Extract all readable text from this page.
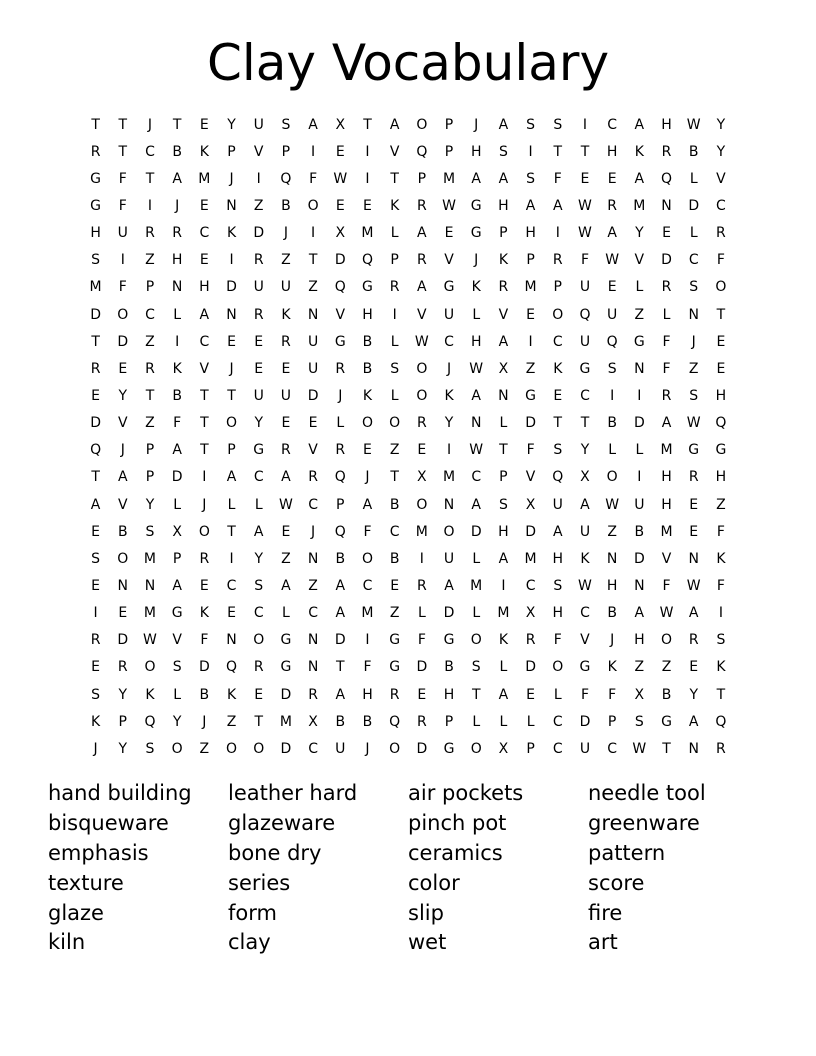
Clay Vocabulary
T	T	J	T	E	Y	U	S	A	X	T	A	O	P	J	A	S	S	I	C	A	H	W	Y
R	T	C	B	K	P	V	P	I	E	I	V	Q	P	H	S	I	T	T	H	K	R	B	Y
G	F	T	A	M	J	I	Q	F	W	I	T	P	M	A	A	S	F	E	E	A	Q	L	V
G	F	I	J	E	N	Z	B	O	E	E	K	R	W	G	H	A	A	W	R	M	N	D	C
H	U	R	R	C	K	D	J	I	X	M	L	A	E	G	P	H	I	W	A	Y	E	L	R
S	I	Z	H	E	I	R	Z	T	D	Q	P	R	V	J	K	P	R	F	W	V	D	C	F
M	F	P	N	H	D	U	U	Z	Q	G	R	A	G	K	R	M	P	U	E	L	R	S	O
D	O	C	L	A	N	R	K	N	V	H	I	V	U	L	V	E	O	Q	U	Z	L	N	T
T	D	Z	I	C	E	E	R	U	G	B	L	W	C	H	A	I	C	U	Q	G	F	J	E
R	E	R	K	V	J	E	E	U	R	B	S	O	J	W	X	Z	K	G	S	N	F	Z	E
E	Y	T	B	T	T	U	U	D	J	K	L	O	K	A	N	G	E	C	I	I	R	S	H
D	V	Z	F	T	O	Y	E	E	L	O	O	R	Y	N	L	D	T	T	B	D	A	W	Q
Q	J	P	A	T	P	G	R	V	R	E	Z	E	I	W	T	F	S	Y	L	L	M	G	G
T	A	P	D	I	A	C	A	R	Q	J	T	X	M	C	P	V	Q	X	O	I	H	R	H
A	V	Y	L	J	L	L	W	C	P	A	B	O	N	A	S	X	U	A	W	U	H	E	Z
E	B	S	X	O	T	A	E	J	Q	F	C	M	O	D	H	D	A	U	Z	B	M	E	F
S	O	M	P	R	I	Y	Z	N	B	O	B	I	U	L	A	M	H	K	N	D	V	N	K
E	N	N	A	E	C	S	A	Z	A	C	E	R	A	M	I	C	S	W	H	N	F	W	F
I	E	M	G	K	E	C	L	C	A	M	Z	L	D	L	M	X	H	C	B	A	W	A	I
R	D	W	V	F	N	O	G	N	D	I	G	F	G	O	K	R	F	V	J	H	O	R	S
E	R	O	S	D	Q	R	G	N	T	F	G	D	B	S	L	D	O	G	K	Z	Z	E	K
S	Y	K	L	B	K	E	D	R	A	H	R	E	H	T	A	E	L	F	F	X	B	Y	T
K	P	Q	Y	J	Z	T	M	X	B	B	Q	R	P	L	L	L	C	D	P	S	G	A	Q
J	Y	S	O	Z	O	O	D	C	U	J	O	D	G	O	X	P	C	U	C	W	T	N	R
hand building	leather hard	air pockets	needle tool
bisqueware	glazeware	pinch pot	greenware
emphasis	bone dry	ceramics	pattern
texture	series	color	score
glaze	form	slip	fire
kiln	clay	wet	art
